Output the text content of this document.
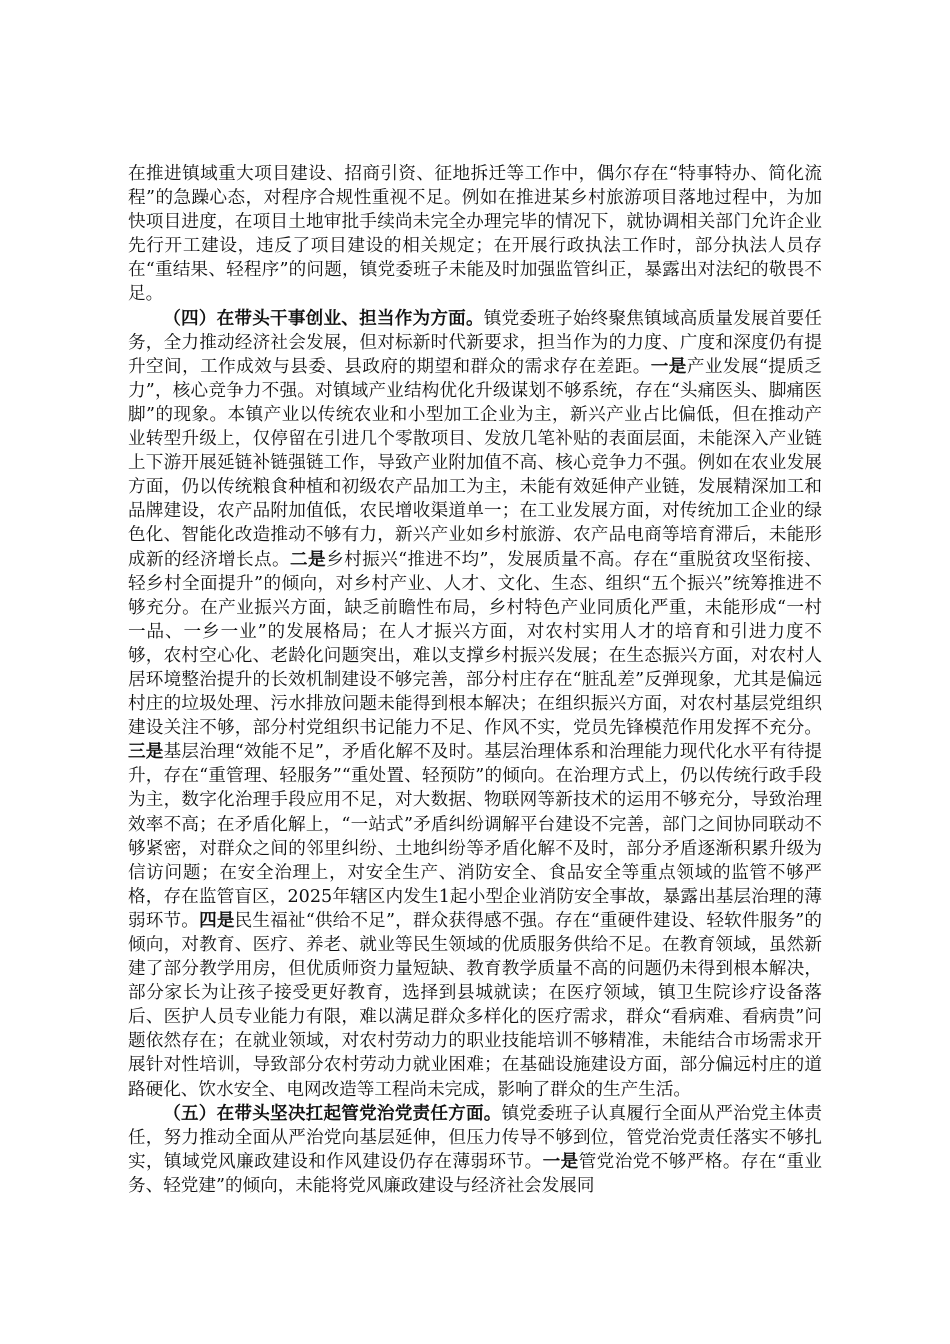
在推进镇域重大项目建设、招商引资、征地拆迁等工作中，偶尔存在“特事特办、简化流程”的急躁心态，对程序合规性重视不足。例如在推进某乡村旅游项目落地过程中，为加快项目进度，在项目土地审批手续尚未完全办理完毕的情况下，就协调相关部门允许企业先行开工建设，违反了项目建设的相关规定；在开展行政执法工作时，部分执法人员存在“重结果、轻程序”的问题，镇党委班子未能及时加强监管纠正，暴露出对法纪的敬畏不足。

（四）在带头干事创业、担当作为方面。镇党委班子始终聚焦镇域高质量发展首要任务，全力推动经济社会发展，但对标新时代新要求，担当作为的力度、广度和深度仍有提升空间，工作成效与县委、县政府的期望和群众的需求存在差距。一是产业发展“提质乏力”，核心竞争力不强。对镇域产业结构优化升级谋划不够系统，存在“头痛医头、脚痛医脚”的现象。本镇产业以传统农业和小型加工企业为主，新兴产业占比偏低，但在推动产业转型升级上，仅停留在引进几个零散项目、发放几笔补贴的表面层面，未能深入产业链上下游开展延链补链强链工作，导致产业附加值不高、核心竞争力不强。例如在农业发展方面，仍以传统粮食种植和初级农产品加工为主，未能有效延伸产业链，发展精深加工和品牌建设，农产品附加值低，农民增收渠道单一；在工业发展方面，对传统加工企业的绿色化、智能化改造推动不够有力，新兴产业如乡村旅游、农产品电商等培育滞后，未能形成新的经济增长点。二是乡村振兴“推进不均”，发展质量不高。存在“重脱贫攻坚衔接、轻乡村全面提升”的倾向，对乡村产业、人才、文化、生态、组织“五个振兴”统筹推进不够充分。在产业振兴方面，缺乏前瞻性布局，乡村特色产业同质化严重，未能形成“一村一品、一乡一业”的发展格局；在人才振兴方面，对农村实用人才的培育和引进力度不够，农村空心化、老龄化问题突出，难以支撑乡村振兴发展；在生态振兴方面，对农村人居环境整治提升的长效机制建设不够完善，部分村庄存在“脏乱差”反弹现象，尤其是偏远村庄的垃圾处理、污水排放问题未能得到根本解决；在组织振兴方面，对农村基层党组织建设关注不够，部分村党组织书记能力不足、作风不实，党员先锋模范作用发挥不充分。三是基层治理“效能不足”，矛盾化解不及时。基层治理体系和治理能力现代化水平有待提升，存在“重管理、轻服务”“重处置、轻预防”的倾向。在治理方式上，仍以传统行政手段为主，数字化治理手段应用不足，对大数据、物联网等新技术的运用不够充分，导致治理效率不高；在矛盾化解上，“一站式”矛盾纠纷调解平台建设不完善，部门之间协同联动不够紧密，对群众之间的邻里纠纷、土地纠纷等矛盾化解不及时，部分矛盾逐渐积累升级为信访问题；在安全治理上，对安全生产、消防安全、食品安全等重点领域的监管不够严格，存在监管盲区，2025年辖区内发生1起小型企业消防安全事故，暴露出基层治理的薄弱环节。四是民生福祉“供给不足”，群众获得感不强。存在“重硬件建设、轻软件服务”的倾向，对教育、医疗、养老、就业等民生领域的优质服务供给不足。在教育领域，虽然新建了部分教学用房，但优质师资力量短缺、教育教学质量不高的问题仍未得到根本解决，部分家长为让孩子接受更好教育，选择到县城就读；在医疗领域，镇卫生院诊疗设备落后、医护人员专业能力有限，难以满足群众多样化的医疗需求，群众“看病难、看病贵”问题依然存在；在就业领域，对农村劳动力的职业技能培训不够精准，未能结合市场需求开展针对性培训，导致部分农村劳动力就业困难；在基础设施建设方面，部分偏远村庄的道路硬化、饮水安全、电网改造等工程尚未完成，影响了群众的生产生活。

（五）在带头坚决扛起管党治党责任方面。镇党委班子认真履行全面从严治党主体责任，努力推动全面从严治党向基层延伸，但压力传导不够到位，管党治党责任落实不够扎实，镇域党风廉政建设和作风建设仍存在薄弱环节。一是管党治党不够严格。存在“重业务、轻党建”的倾向，未能将党风廉政建设与经济社会发展同
